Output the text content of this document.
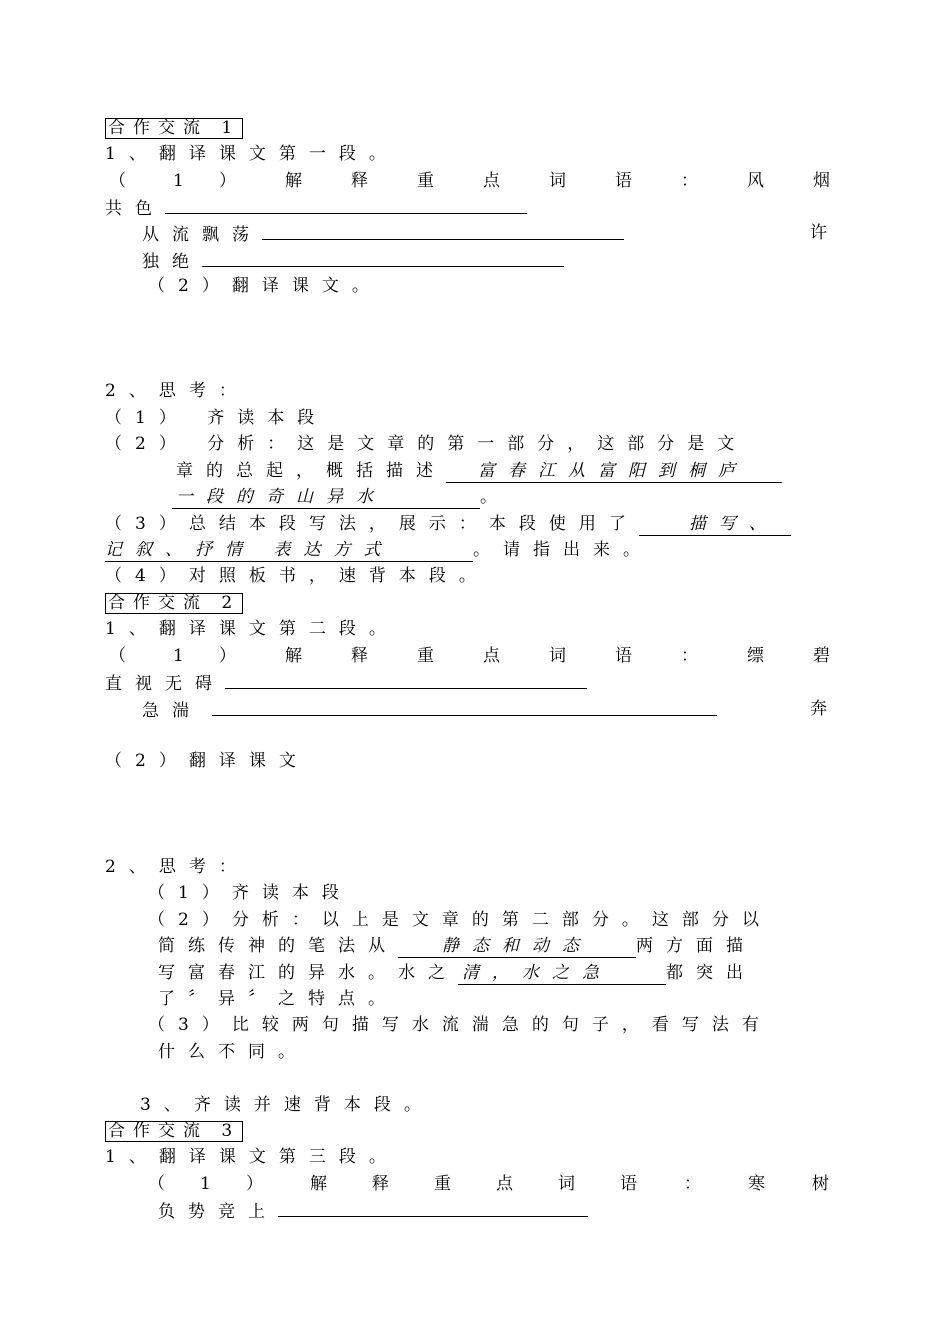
合作交流 1
1、翻译课文第一段。
（	1 ）	解	释	重	点	词	语	：	风	烟
共色
从流飘荡	许
独绝
（2）翻译课文。
2、思考：
（1） 齐读本段
（2） 分析：这是文章的第一部分，这部分是文
章的总起，概括描述 富春江从富阳到桐庐
一段的奇山异水	。
（3）总结本段写法，展示：本段使用了	描写、
记叙、抒情 表达方式	。请指出来。
（4）对照板书，速背本段。
合作交流 2
1、翻译课文第二段。
（	1 ）	解	释	重	点	词	语	：	缥	碧
直视无碍
急湍	奔
（2）翻译课文
2、思考：
（1）齐读本段
（2）分析：以上是文章的第二部分。这部分以
简练传神的笔法从	静态和动态	两方面描
写富春江的异水。水之 清，水之急	都突出
了〞异〞之特点。
（3）比较两句描写水流湍急的句子，看写法有
什么不同。
3、齐读并速背本段。
合作交流 3
1、翻译课文第三段。
（ 1 ）	解	释	重	点	词	语	：	寒	树
负势竞上
